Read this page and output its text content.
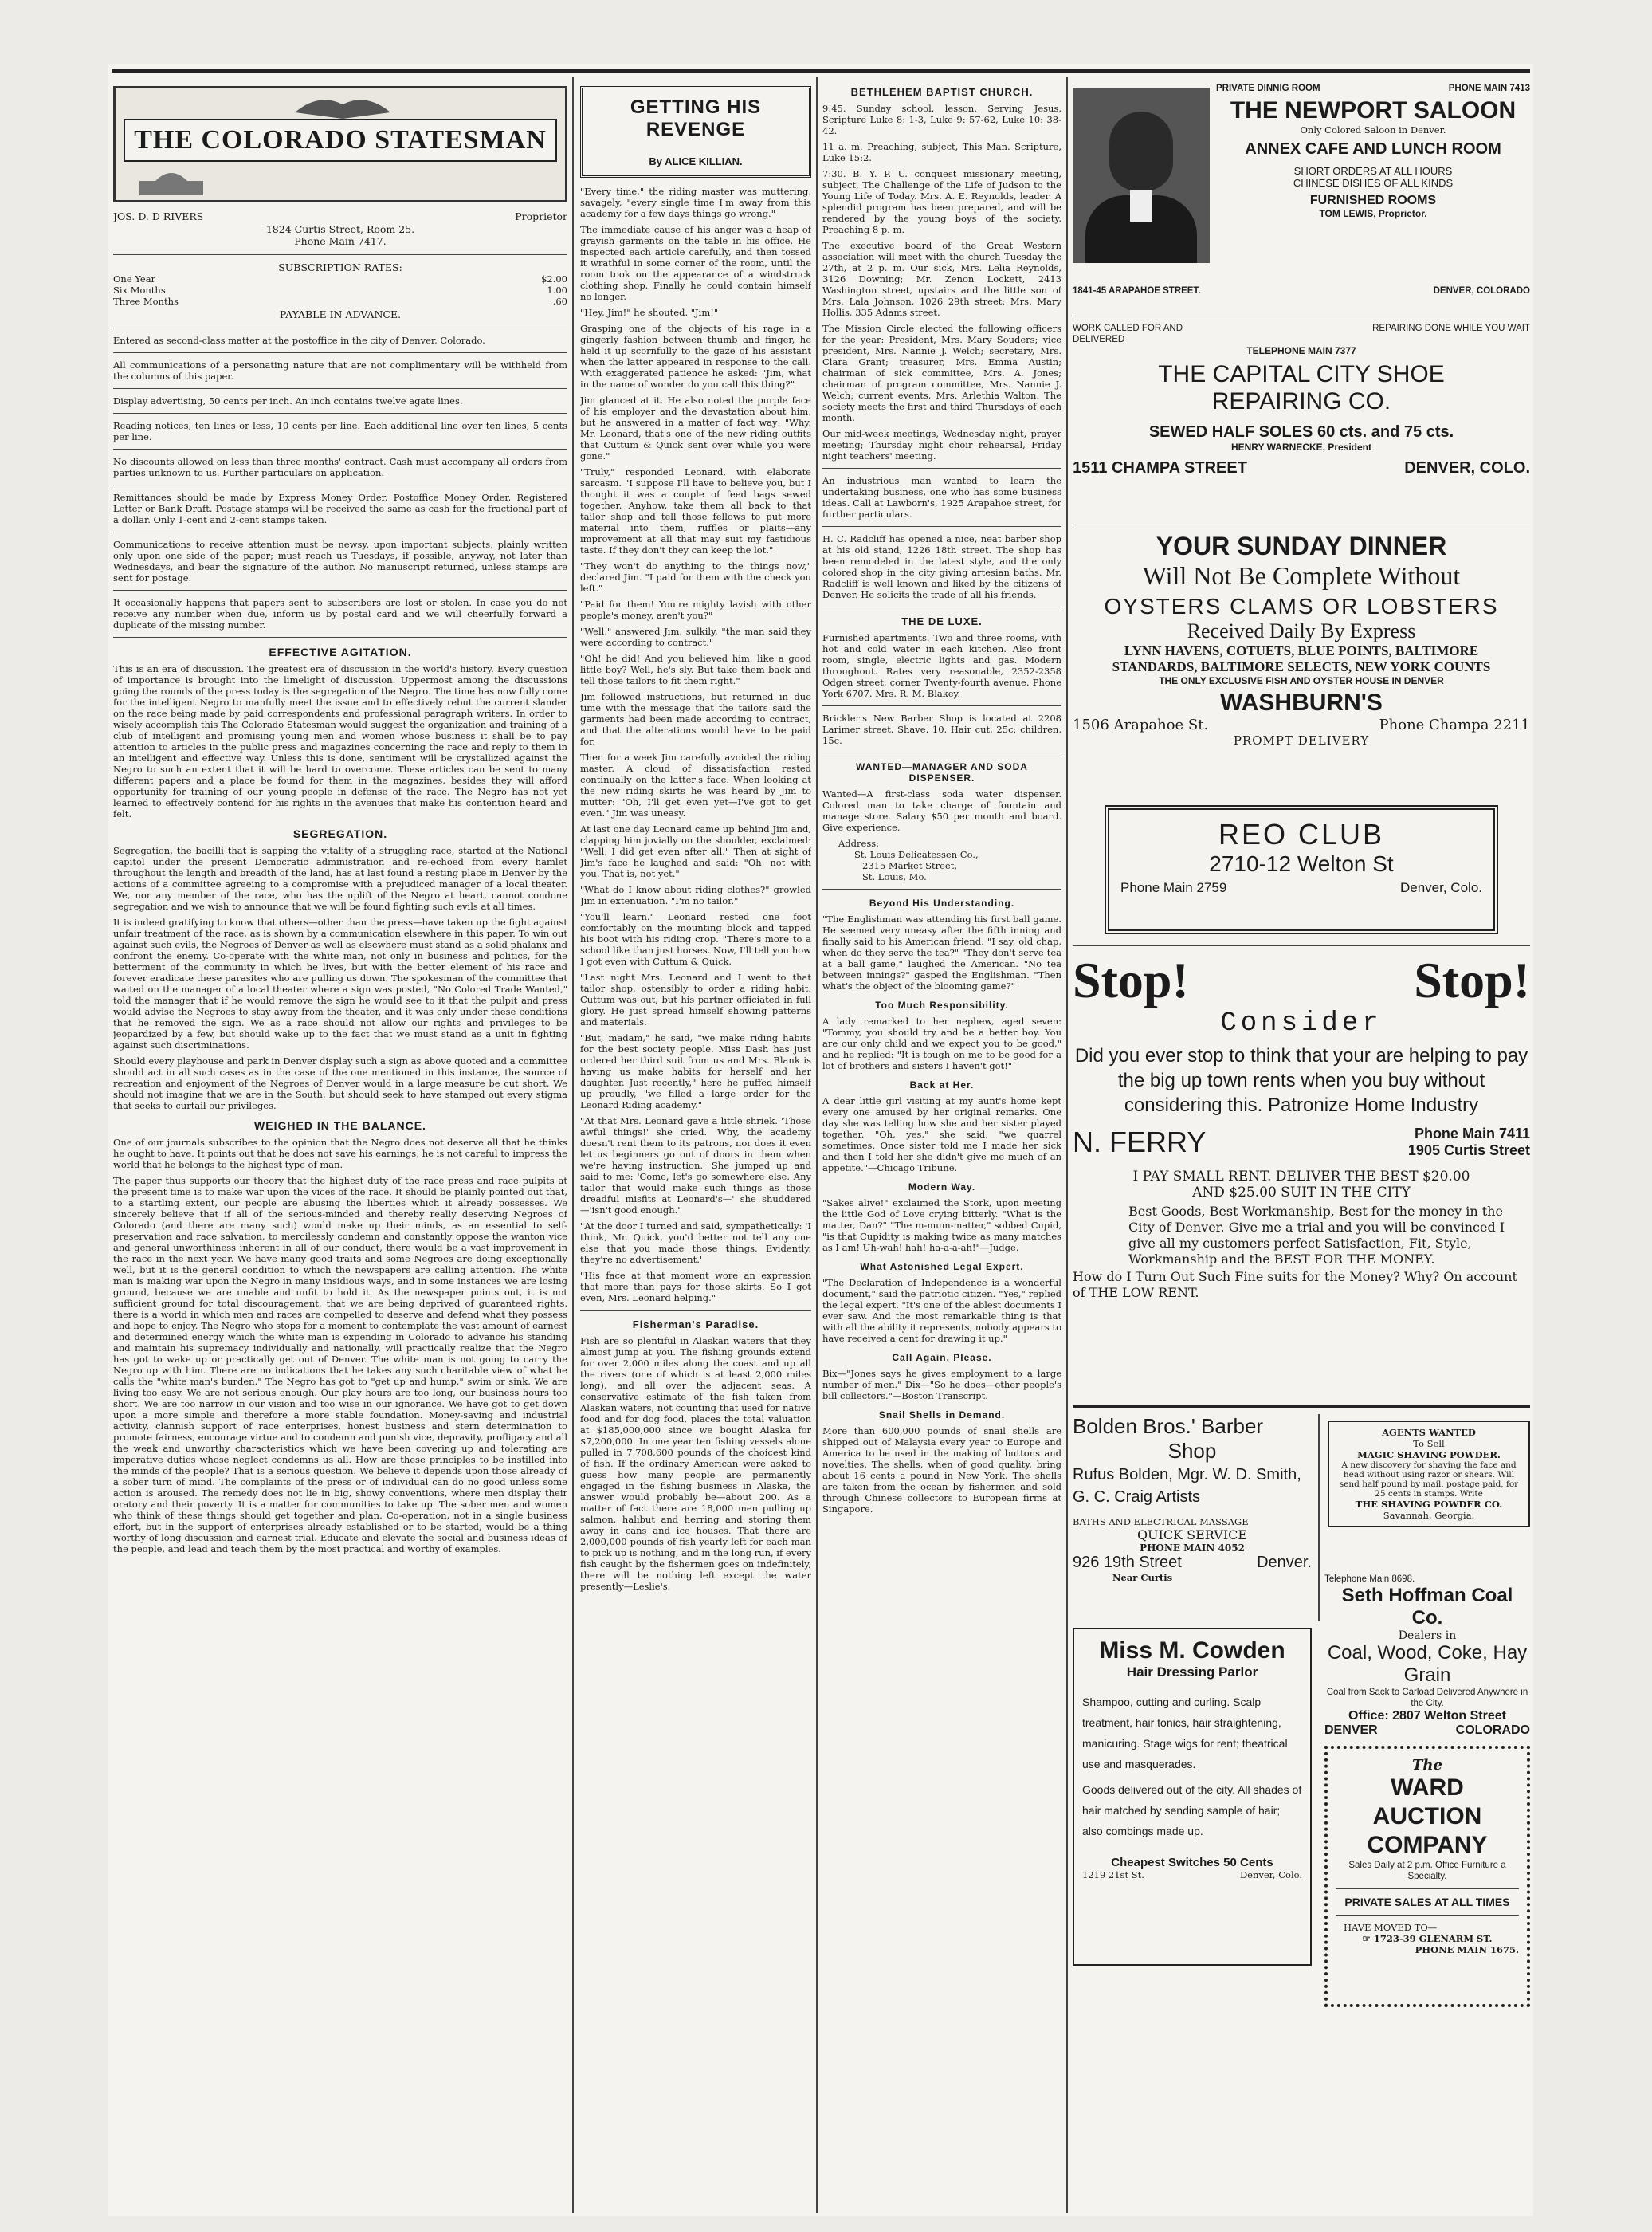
THE COLORADO STATESMAN
JOS. D. D RIVERS	Proprietor
1824 Curtis Street, Room 25.
Phone Main 7417.
SUBSCRIPTION RATES:
One Year	$2.00
Six Months	1.00
Three Months	.60
PAYABLE IN ADVANCE.

Entered as second-class matter at the postoffice in the city of Denver, Colorado.

All communications of a personating nature that are not complimentary will be withheld from the columns of this paper.

Display advertising, 50 cents per inch. An inch contains twelve agate lines.

Reading notices, ten lines or less, 10 cents per line. Each additional line over ten lines, 5 cents per line.

No discounts allowed on less than three months' contract. Cash must accompany all orders from parties unknown to us. Further particulars on application.

Remittances should be made by Express Money Order, Postoffice Money Order, Registered Letter or Bank Draft. Postage stamps will be received the same as cash for the fractional part of a dollar. Only 1-cent and 2-cent stamps taken.

Communications to receive attention must be newsy, upon important subjects, plainly written only upon one side of the paper; must reach us Tuesdays, if possible, anyway, not later than Wednesdays, and bear the signature of the author. No manuscript returned, unless stamps are sent for postage.

It occasionally happens that papers sent to subscribers are lost or stolen. In case you do not receive any number when due, inform us by postal card and we will cheerfully forward a duplicate of the missing number.

EFFECTIVE AGITATION.

This is an era of discussion. The greatest era of discussion in the world's history. Every question of importance is brought into the limelight of discussion. Uppermost among the discussions going the rounds of the press today is the segregation of the Negro. The time has now fully come for the intelligent Negro to manfully meet the issue and to effectively rebut the current slander on the race being made by paid correspondents and professional paragraph writers. In order to wisely accomplish this The Colorado Statesman would suggest the organization and training of a club of intelligent and promising young men and women whose business it shall be to pay attention to articles in the public press and magazines concerning the race and reply to them in an intelligent and effective way. Unless this is done, sentiment will be crystallized against the Negro to such an extent that it will be hard to overcome. These articles can be sent to many different papers and a place be found for them in the magazines, besides they will afford opportunity for training of our young people in defense of the race. The Negro has not yet learned to effectively contend for his rights in the avenues that make his contention heard and felt.

SEGREGATION.

Segregation, the bacilli that is sapping the vitality of a struggling race, started at the National capitol under the present Democratic administration and re-echoed from every hamlet throughout the length and breadth of the land, has at last found a resting place in Denver by the actions of a committee agreeing to a compromise with a prejudiced manager of a local theater. We, nor any member of the race, who has the uplift of the Negro at heart, cannot condone segregation and we wish to announce that we will be found fighting such evils at all times.

It is indeed gratifying to know that others—other than the press—have taken up the fight against unfair treatment of the race, as is shown by a communication elsewhere in this paper. To win out against such evils, the Negroes of Denver as well as elsewhere must stand as a solid phalanx and confront the enemy. Co-operate with the white man, not only in business and politics, for the betterment of the community in which he lives, but with the better element of his race and forever eradicate these parasites who are pulling us down. The spokesman of the committee that waited on the manager of a local theater where a sign was posted, "No Colored Trade Wanted," told the manager that if he would remove the sign he would see to it that the pulpit and press would advise the Negroes to stay away from the theater, and it was only under these conditions that he removed the sign. We as a race should not allow our rights and privileges to be jeopardized by a few, but should wake up to the fact that we must stand as a unit in fighting against such discriminations.

Should every playhouse and park in Denver display such a sign as above quoted and a committee should act in all such cases as in the case of the one mentioned in this instance, the source of recreation and enjoyment of the Negroes of Denver would in a large measure be cut short. We should not imagine that we are in the South, but should seek to have stamped out every stigma that seeks to curtail our privileges.

WEIGHED IN THE BALANCE.

One of our journals subscribes to the opinion that the Negro does not deserve all that he thinks he ought to have. It points out that he does not save his earnings; he is not careful to impress the world that he belongs to the highest type of man.

The paper thus supports our theory that the highest duty of the race press and race pulpits at the present time is to make war upon the vices of the race. It should be plainly pointed out that, to a startling extent, our people are abusing the liberties which it already possesses. We sincerely believe that if all of the serious-minded and thereby really deserving Negroes of Colorado (and there are many such) would make up their minds, as an essential to self-preservation and race salvation, to mercilessly condemn and constantly oppose the wanton vice and general unworthiness inherent in all of our conduct, there would be a vast improvement in the race in the next year. We have many good traits and some Negroes are doing exceptionally well, but it is the general condition to which the newspapers are calling attention. The white man is making war upon the Negro in many insidious ways, and in some instances we are losing ground, because we are unable and unfit to hold it. As the newspaper points out, it is not sufficient ground for total discouragement, that we are being deprived of guaranteed rights, there is a world in which men and races are compelled to deserve and defend what they possess and hope to enjoy. The Negro who stops for a moment to contemplate the vast amount of earnest and determined energy which the white man is expending in Colorado to advance his standing and maintain his supremacy individually and nationally, will practically realize that the Negro has got to wake up or practically get out of Denver. The white man is not going to carry the Negro up with him. There are no indications that he takes any such charitable view of what he calls the "white man's burden." The Negro has got to "get up and hump," swim or sink. We are living too easy. We are not serious enough. Our play hours are too long, our business hours too short. We are too narrow in our vision and too wise in our ignorance. We have got to get down upon a more simple and therefore a more stable foundation. Money-saving and industrial activity, clannish support of race enterprises, honest business and stern determination to promote fairness, encourage virtue and to condemn and punish vice, depravity, profligacy and all the weak and unworthy characteristics which we have been covering up and tolerating are imperative duties whose neglect condemns us all. How are these principles to be instilled into the minds of the people? That is a serious question. We believe it depends upon those already of a sober turn of mind. The complaints of the press or of individual can do no good unless some action is aroused. The remedy does not lie in big, showy conventions, where men display their oratory and their poverty. It is a matter for communities to take up. The sober men and women who think of these things should get together and plan. Co-operation, not in a single business effort, but in the support of enterprises already established or to be started, would be a thing worthy of long discussion and earnest trial. Educate and elevate the social and business ideas of the people, and lead and teach them by the most practical and worthy of examples.

GETTING HIS REVENGE
By ALICE KILLIAN.

"Every time," the riding master was muttering, savagely, "every single time I'm away from this academy for a few days things go wrong."

The immediate cause of his anger was a heap of grayish garments on the table in his office. He inspected each article carefully, and then tossed it wrathful in some corner of the room, until the room took on the appearance of a windstruck clothing shop. Finally he could contain himself no longer.

"Hey, Jim!" he shouted. "Jim!"

Grasping one of the objects of his rage in a gingerly fashion between thumb and finger, he held it up scornfully to the gaze of his assistant when the latter appeared in response to the call. With exaggerated patience he asked: "Jim, what in the name of wonder do you call this thing?"

Jim glanced at it. He also noted the purple face of his employer and the devastation about him, but he answered in a matter of fact way: "Why, Mr. Leonard, that's one of the new riding outfits that Cuttum & Quick sent over while you were gone."

"Truly," responded Leonard, with elaborate sarcasm. "I suppose I'll have to believe you, but I thought it was a couple of feed bags sewed together. Anyhow, take them all back to that tailor shop and tell those fellows to put more material into them, ruffles or plaits—any improvement at all that may suit my fastidious taste. If they don't they can keep the lot."

"They won't do anything to the things now," declared Jim. "I paid for them with the check you left."

"Paid for them! You're mighty lavish with other people's money, aren't you?"

"Well," answered Jim, sulkily, "the man said they were according to contract."

"Oh! he did! And you believed him, like a good little boy? Well, he's sly. But take them back and tell those tailors to fit them right."

Jim followed instructions, but returned in due time with the message that the tailors said the garments had been made according to contract, and that the alterations would have to be paid for.

Then for a week Jim carefully avoided the riding master. A cloud of dissatisfaction rested continually on the latter's face. When looking at the new riding skirts he was heard by Jim to mutter: "Oh, I'll get even yet—I've got to get even." Jim was uneasy.

At last one day Leonard came up behind Jim and, clapping him jovially on the shoulder, exclaimed: "Well, I did get even after all." Then at sight of Jim's face he laughed and said: "Oh, not with you. That is, not yet."

"What do I know about riding clothes?" growled Jim in extenuation. "I'm no tailor."

"You'll learn." Leonard rested one foot comfortably on the mounting block and tapped his boot with his riding crop. "There's more to a school like than just horses. Now, I'll tell you how I got even with Cuttum & Quick.

"Last night Mrs. Leonard and I went to that tailor shop, ostensibly to order a riding habit. Cuttum was out, but his partner officiated in full glory. He just spread himself showing patterns and materials.

"But, madam," he said, "we make riding habits for the best society people. Miss Dash has just ordered her third suit from us and Mrs. Blank is having us make habits for herself and her daughter. Just recently," here he puffed himself up proudly, "we filled a large order for the Leonard Riding academy."

"At that Mrs. Leonard gave a little shriek. 'Those awful things!' she cried. 'Why, the academy doesn't rent them to its patrons, nor does it even let us beginners go out of doors in them when we're having instruction.' She jumped up and said to me: 'Come, let's go somewhere else. Any tailor that would make such things as those dreadful misfits at Leonard's—' she shuddered—'isn't good enough.'

"At the door I turned and said, sympathetically: 'I think, Mr. Quick, you'd better not tell any one else that you made those things. Evidently, they're no advertisement.'

"His face at that moment wore an expression that more than pays for those skirts. So I got even, Mrs. Leonard helping."

Fisherman's Paradise.

Fish are so plentiful in Alaskan waters that they almost jump at you. The fishing grounds extend for over 2,000 miles along the coast and up all the rivers (one of which is at least 2,000 miles long), and all over the adjacent seas. A conservative estimate of the fish taken from Alaskan waters, not counting that used for native food and for dog food, places the total valuation at $185,000,000 since we bought Alaska for $7,200,000. In one year ten fishing vessels alone pulled in 7,708,600 pounds of the choicest kind of fish. If the ordinary American were asked to guess how many people are permanently engaged in the fishing business in Alaska, the answer would probably be—about 200. As a matter of fact there are 18,000 men pulling up salmon, halibut and herring and storing them away in cans and ice houses. That there are 2,000,000 pounds of fish yearly left for each man to pick up is nothing, and in the long run, if every fish caught by the fishermen goes on indefinitely, there will be nothing left except the water presently—Leslie's.

BETHLEHEM BAPTIST CHURCH.

9:45. Sunday school, lesson. Serving Jesus, Scripture Luke 8: 1-3, Luke 9: 57-62, Luke 10: 38-42.

11 a. m. Preaching, subject, This Man. Scripture, Luke 15:2.

7:30. B. Y. P. U. conquest missionary meeting, subject, The Challenge of the Life of Judson to the Young Life of Today. Mrs. A. E. Reynolds, leader. A splendid program has been prepared, and will be rendered by the young boys of the society. Preaching 8 p. m.

The executive board of the Great Western association will meet with the church Tuesday the 27th, at 2 p. m. Our sick, Mrs. Lelia Reynolds, 3126 Downing; Mr. Zenon Lockett, 2413 Washington street, upstairs and the little son of Mrs. Lala Johnson, 1026 29th street; Mrs. Mary Hollis, 335 Adams street.

The Mission Circle elected the following officers for the year: President, Mrs. Mary Souders; vice president, Mrs. Nannie J. Welch; secretary, Mrs. Clara Grant; treasurer, Mrs. Emma Austin; chairman of sick committee, Mrs. A. Jones; chairman of program committee, Mrs. Nannie J. Welch; current events, Mrs. Arlethia Walton. The society meets the first and third Thursdays of each month.

Our mid-week meetings, Wednesday night, prayer meeting; Thursday night choir rehearsal, Friday night teachers' meeting.

An industrious man wanted to learn the undertaking business, one who has some business ideas. Call at Lawborn's, 1925 Arapahoe street, for further particulars.

H. C. Radcliff has opened a nice, neat barber shop at his old stand, 1226 18th street. The shop has been remodeled in the latest style, and the only colored shop in the city giving artesian baths. Mr. Radcliff is well known and liked by the citizens of Denver. He solicits the trade of all his friends.

THE DE LUXE.

Furnished apartments. Two and three rooms, with hot and cold water in each kitchen. Also front room, single, electric lights and gas. Modern throughout. Rates very reasonable, 2352-2358 Odgen street, corner Twenty-fourth avenue. Phone York 6707. Mrs. R. M. Blakey.

Brickler's New Barber Shop is located at 2208 Larimer street. Shave, 10. Hair cut, 25c; children, 15c.

WANTED—MANAGER AND SODA DISPENSER.

Wanted—A first-class soda water dispenser. Colored man to take charge of fountain and manage store. Salary $50 per month and board. Give experience.

Address:
St. Louis Delicatessen Co.,
2315 Market Street,
St. Louis, Mo.
Beyond His Understanding.

"The Englishman was attending his first ball game. He seemed very uneasy after the fifth inning and finally said to his American friend: "I say, old chap, when do they serve the tea?" "They don't serve tea at a ball game," laughed the American. "No tea between innings?" gasped the Englishman. "Then what's the object of the blooming game?"

Too Much Responsibility.

A lady remarked to her nephew, aged seven: "Tommy, you should try and be a better boy. You are our only child and we expect you to be good," and he replied: "It is tough on me to be good for a lot of brothers and sisters I haven't got!"

Back at Her.

A dear little girl visiting at my aunt's home kept every one amused by her original remarks. One day she was telling how she and her sister played together. "Oh, yes," she said, "we quarrel sometimes. Once sister told me I made her sick and then I told her she didn't give me much of an appetite."—Chicago Tribune.

Modern Way.

"Sakes alive!" exclaimed the Stork, upon meeting the little God of Love crying bitterly. "What is the matter, Dan?" "The m-mum-matter," sobbed Cupid, "is that Cupidity is making twice as many matches as I am! Uh-wah! hah! ha-a-a-ah!"—Judge.

What Astonished Legal Expert.

"The Declaration of Independence is a wonderful document," said the patriotic citizen. "Yes," replied the legal expert. "It's one of the ablest documents I ever saw. And the most remarkable thing is that with all the ability it represents, nobody appears to have received a cent for drawing it up."

Call Again, Please.

Bix—"Jones says he gives employment to a large number of men." Dix—"So he does—other people's bill collectors."—Boston Transcript.

Snail Shells in Demand.

More than 600,000 pounds of snail shells are shipped out of Malaysia every year to Europe and America to be used in the making of buttons and novelties. The shells, when of good quality, bring about 16 cents a pound in New York. The shells are taken from the ocean by fishermen and sold through Chinese collectors to European firms at Singapore.

PRIVATE DINNIG ROOM	PHONE MAIN 7413
THE NEWPORT SALOON
Only Colored Saloon in Denver.
ANNEX CAFE AND LUNCH ROOM
SHORT ORDERS AT ALL HOURS
CHINESE DISHES OF ALL KINDS
FURNISHED ROOMS
TOM LEWIS, Proprietor.
1841-45 ARAPAHOE STREET.	DENVER, COLORADO
WORK CALLED FOR AND DELIVERED
REPAIRING DONE WHILE YOU WAIT
TELEPHONE MAIN 7377
THE CAPITAL CITY SHOE
REPAIRING CO.
SEWED HALF SOLES 60 cts. and 75 cts.
HENRY WARNECKE, President
1511 CHAMPA STREET	DENVER, COLO.
YOUR SUNDAY DINNER
Will Not Be Complete Without
OYSTERS CLAMS OR LOBSTERS
Received Daily By Express
LYNN HAVENS, COTUETS, BLUE POINTS, BALTIMORE
STANDARDS, BALTIMORE SELECTS, NEW YORK COUNTS
THE ONLY EXCLUSIVE FISH AND OYSTER HOUSE IN DENVER
WASHBURN'S
1506 Arapahoe St.	Phone Champa 2211
PROMPT DELIVERY
REO CLUB
2710-12 Welton St
Phone Main 2759	Denver, Colo.
Stop!	Stop!
Consider
Did you ever stop to think that your are helping to pay the big up town rents when you buy without considering this. Patronize Home Industry
N. FERRY	Phone Main 7411
1905 Curtis Street
I PAY SMALL RENT. DELIVER THE BEST $20.00 AND $25.00 SUIT IN THE CITY
Best Goods, Best Workmanship, Best for the money in the City of Denver. Give me a trial and you will be convinced I give all my customers perfect Satisfaction, Fit, Style, Workmanship and the BEST FOR THE MONEY.
How do I Turn Out Such Fine suits for the Money? Why? On account of THE LOW RENT.
Bolden Bros.' Barber
Shop
Rufus Bolden, Mgr. W. D. Smith, G. C. Craig Artists
BATHS AND ELECTRICAL MASSAGE
QUICK SERVICE
PHONE MAIN 4052
926 19th Street	Denver.
Near Curtis
AGENTS WANTED
To Sell
MAGIC SHAVING POWDER.
A new discovery for shaving the face and head without using razor or shears. Will send half pound by mail, postage paid, for 25 cents in stamps. Write
THE SHAVING POWDER CO.
Savannah, Georgia.
Miss M. Cowden
Hair Dressing Parlor
Shampoo, cutting and curling. Scalp treatment, hair tonics, hair straightening, manicuring. Stage wigs for rent; theatrical use and masquerades.
Goods delivered out of the city. All shades of hair matched by sending sample of hair; also combings made up.
Cheapest Switches 50 Cents
1219 21st St.	Denver, Colo.
Telephone Main 8698.
Seth Hoffman Coal Co.
Dealers in
Coal, Wood, Coke, Hay Grain
Coal from Sack to Carload Delivered Anywhere in the City.
Office: 2807 Welton Street
DENVER	COLORADO
The
WARD AUCTION COMPANY
Sales Daily at 2 p.m. Office Furniture a Specialty.
PRIVATE SALES AT ALL TIMES
HAVE MOVED TO—
☞ 1723-39 GLENARM ST.
PHONE MAIN 1675.
